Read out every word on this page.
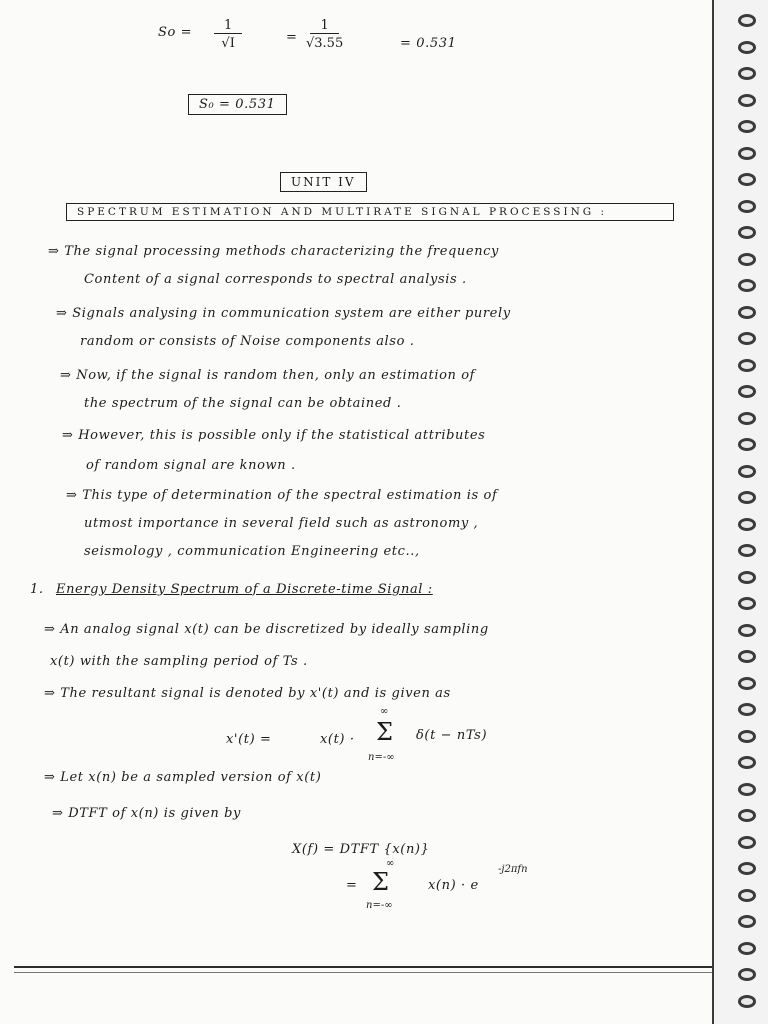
$So = \frac{1}{√I}$	= $\frac{1}{√3.55}$	= 0.531
S₀ = 0.531
UNIT IV
SPECTRUM ESTIMATION AND MULTIRATE SIGNAL PROCESSING :
⇒ The signal processing methods characterizing the frequency
Content of a signal corresponds to spectral analysis .
⇒ Signals analysing in communication system are either purely
random or consists of Noise components also .
⇒ Now, if the signal is random then, only an estimation of
the spectrum of the signal can be obtained .
⇒ However, this is possible only if the statistical attributes
of random signal are known .
⇒ This type of determination of the spectral estimation is of
utmost importance in several field such as astronomy ,
seismology , communication Engineering etc..,
1. Energy Density Spectrum of a Discrete-time Signal :
⇒ An analog signal x(t) can be discretized by ideally sampling
x(t) with the sampling period of Ts .
⇒ The resultant signal is denoted by x'(t) and is given as
x'(t) =	x(t) ·
∞
Σ
n=-∞
δ(t − nTs)
⇒ Let x(n) be a sampled version of x(t)
⇒ DTFT of x(n) is given by
X(f) = DTFT {x(n)}
=
∞
Σ
n=-∞
x(n) · e
-j2πfn
